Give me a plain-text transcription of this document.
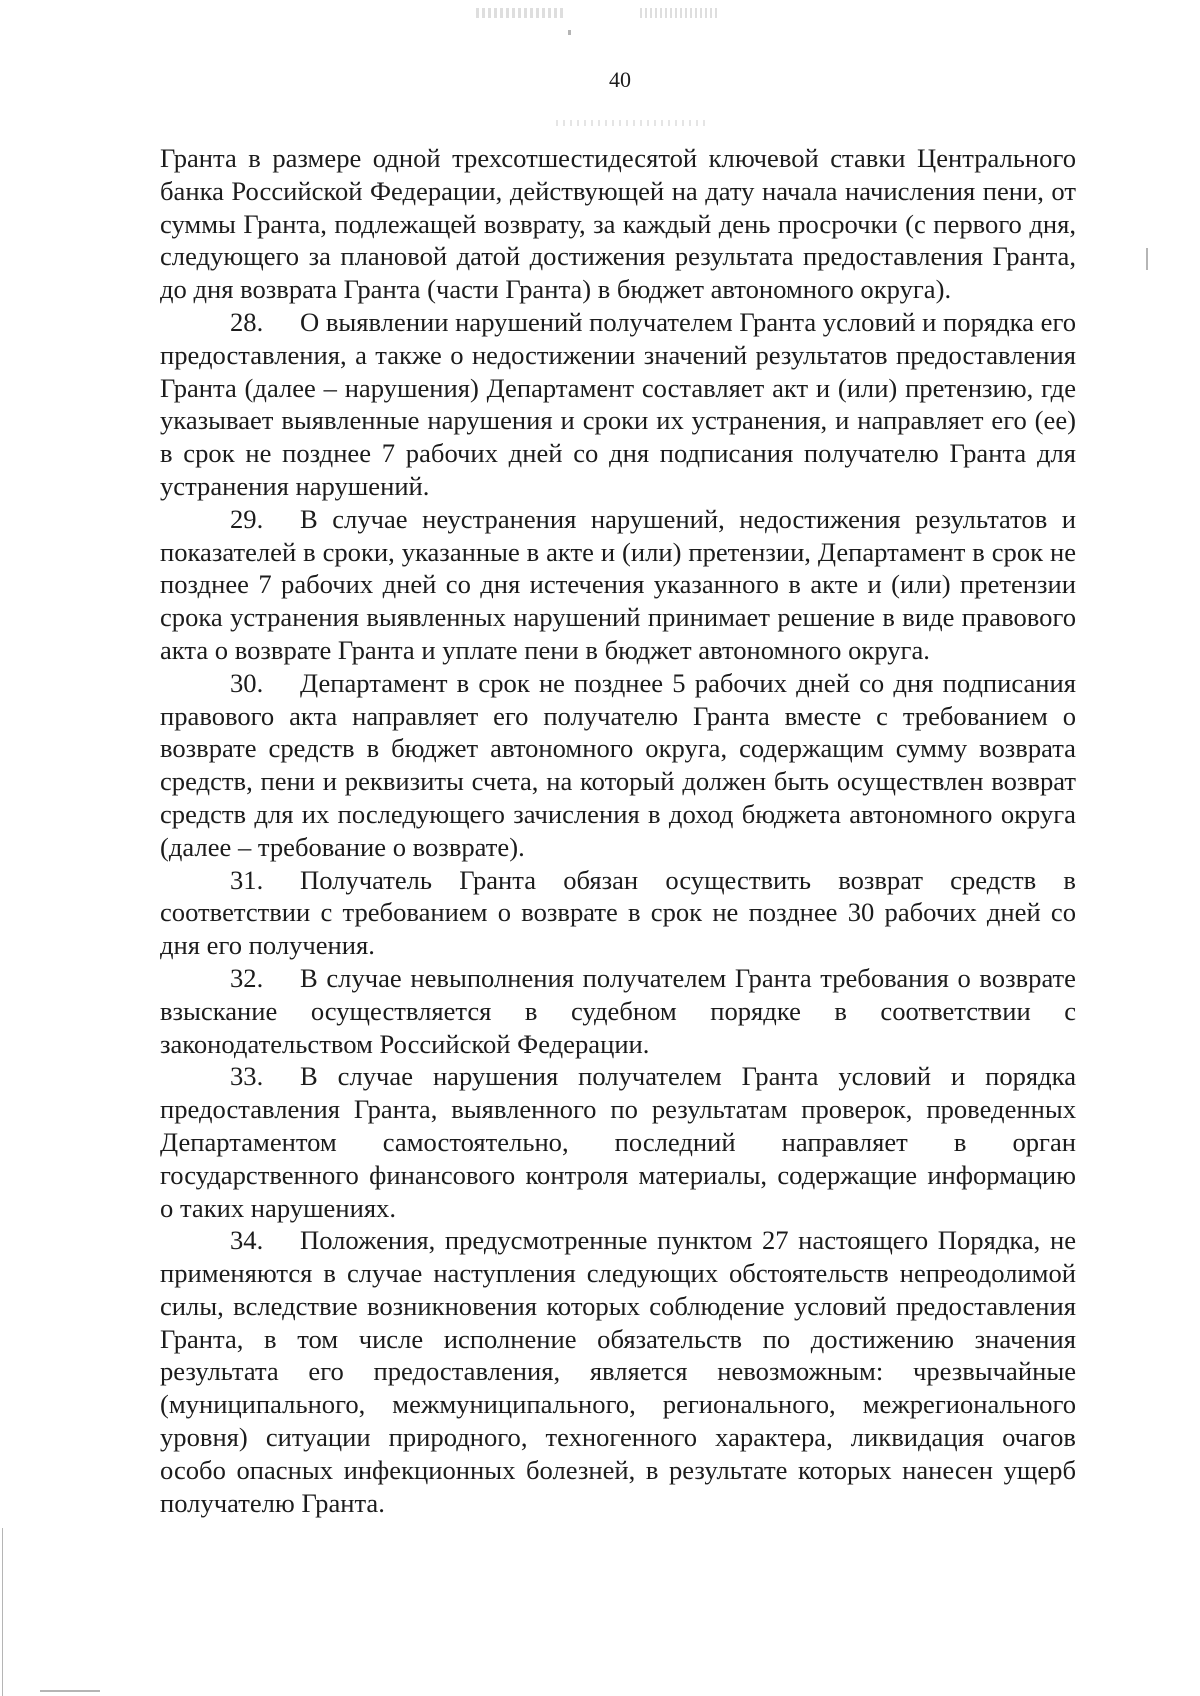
40

Гранта в размере одной трехсотшестидесятой ключевой ставки Центрального банка Российской Федерации, действующей на дату начала начисления пени, от суммы Гранта, подлежащей возврату, за каждый день просрочки (с первого дня, следующего за плановой датой достижения результата предоставления Гранта, до дня возврата Гранта (части Гранта) в бюджет автономного округа).

28. О выявлении нарушений получателем Гранта условий и порядка его предоставления, а также о недостижении значений результатов предоставления Гранта (далее – нарушения) Департамент составляет акт и (или) претензию, где указывает выявленные нарушения и сроки их устранения, и направляет его (ее) в срок не позднее 7 рабочих дней со дня подписания получателю Гранта для устранения нарушений.

29. В случае неустранения нарушений, недостижения результатов и показателей в сроки, указанные в акте и (или) претензии, Департамент в срок не позднее 7 рабочих дней со дня истечения указанного в акте и (или) претензии срока устранения выявленных нарушений принимает решение в виде правового акта о возврате Гранта и уплате пени в бюджет автономного округа.

30. Департамент в срок не позднее 5 рабочих дней со дня подписания правового акта направляет его получателю Гранта вместе с требованием о возврате средств в бюджет автономного округа, содержащим сумму возврата средств, пени и реквизиты счета, на который должен быть осуществлен возврат средств для их последующего зачисления в доход бюджета автономного округа (далее – требование о возврате).

31. Получатель Гранта обязан осуществить возврат средств в соответствии с требованием о возврате в срок не позднее 30 рабочих дней со дня его получения.

32. В случае невыполнения получателем Гранта требования о возврате взыскание осуществляется в судебном порядке в соответствии с законодательством Российской Федерации.

33. В случае нарушения получателем Гранта условий и порядка предоставления Гранта, выявленного по результатам проверок, проведенных Департаментом самостоятельно, последний направляет в орган государственного финансового контроля материалы, содержащие информацию о таких нарушениях.

34. Положения, предусмотренные пунктом 27 настоящего Порядка, не применяются в случае наступления следующих обстоятельств непреодолимой силы, вследствие возникновения которых соблюдение условий предоставления Гранта, в том числе исполнение обязательств по достижению значения результата его предоставления, является невозможным: чрезвычайные (муниципального, межмуниципального, регионального, межрегионального уровня) ситуации природного, техногенного характера, ликвидация очагов особо опасных инфекционных болезней, в результате которых нанесен ущерб получателю Гранта.
